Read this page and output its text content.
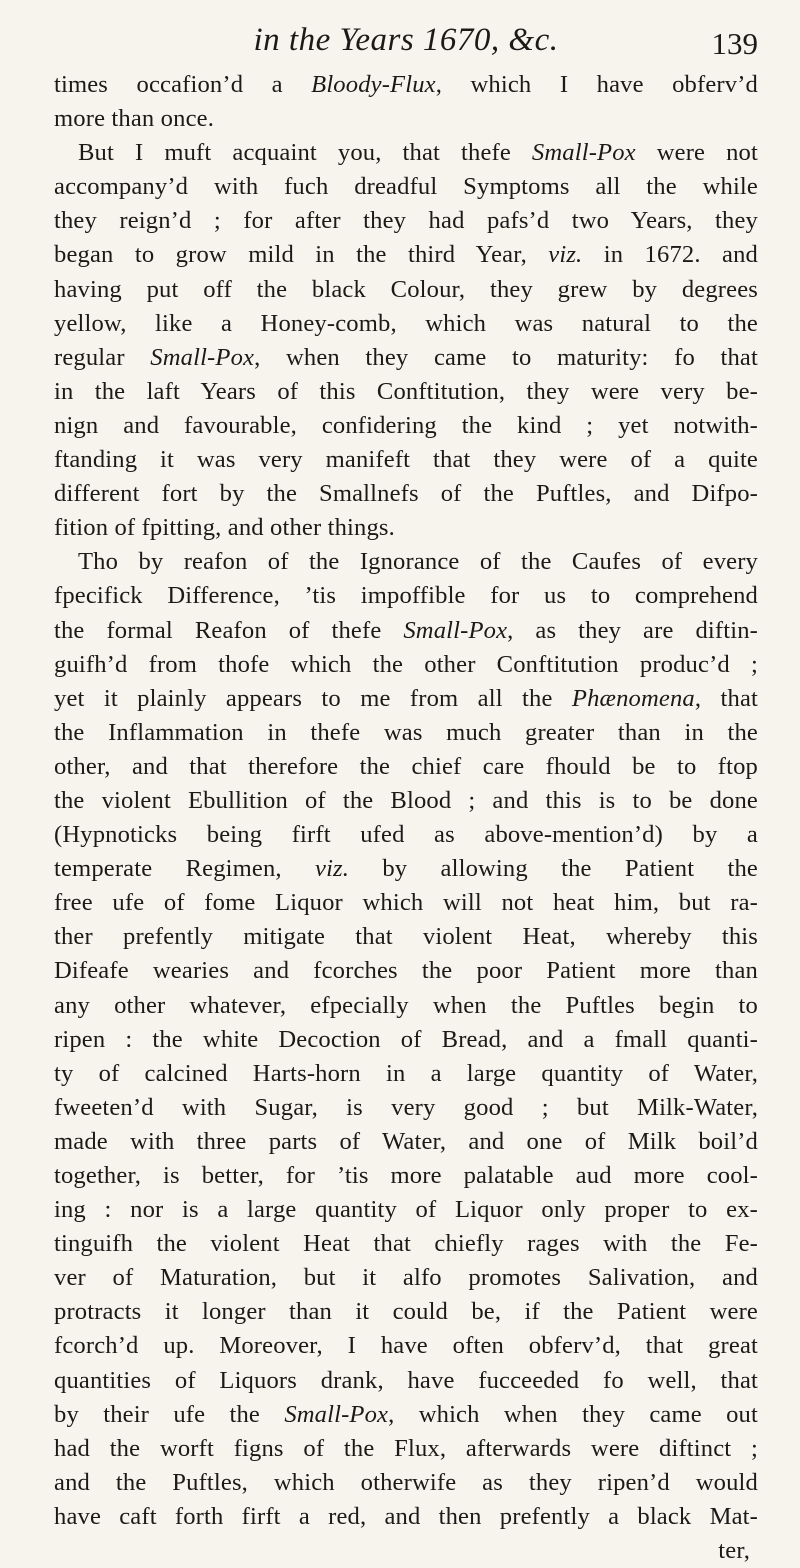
in the Years 1670, &c.	139
times occafion’d a Bloody-Flux, which I have obferv’d
more than once.
But I muft acquaint you, that thefe Small-Pox were not
accompany’d with fuch dreadful Symptoms all the while
they reign’d ; for after they had pafs’d two Years, they
began to grow mild in the third Year, viz. in 1672. and
having put off the black Colour, they grew by degrees
yellow, like a Honey-comb, which was natural to the
regular Small-Pox, when they came to maturity: fo that
in the laft Years of this Conftitution, they were very be-
nign and favourable, confidering the kind ; yet notwith-
ftanding it was very manifeft that they were of a quite
different fort by the Smallnefs of the Puftles, and Difpo-
fition of fpitting, and other things.
Tho by reafon of the Ignorance of the Caufes of every
fpecifick Difference, ’tis impoffible for us to comprehend
the formal Reafon of thefe Small-Pox, as they are diftin-
guifh’d from thofe which the other Conftitution produc’d ;
yet it plainly appears to me from all the Phænomena, that
the Inflammation in thefe was much greater than in the
other, and that therefore the chief care fhould be to ftop
the violent Ebullition of the Blood ; and this is to be done
(Hypnoticks being firft ufed as above-mention’d) by a
temperate Regimen, viz. by allowing the Patient the
free ufe of fome Liquor which will not heat him, but ra-
ther prefently mitigate that violent Heat, whereby this
Difeafe wearies and fcorches the poor Patient more than
any other whatever, efpecially when the Puftles begin to
ripen : the white Decoction of Bread, and a fmall quanti-
ty of calcined Harts-horn in a large quantity of Water,
fweeten’d with Sugar, is very good ; but Milk-Water,
made with three parts of Water, and one of Milk boil’d
together, is better, for ’tis more palatable aud more cool-
ing : nor is a large quantity of Liquor only proper to ex-
tinguifh the violent Heat that chiefly rages with the Fe-
ver of Maturation, but it alfo promotes Salivation, and
protracts it longer than it could be, if the Patient were
fcorch’d up. Moreover, I have often obferv’d, that great
quantities of Liquors drank, have fucceeded fo well, that
by their ufe the Small-Pox, which when they came out
had the worft figns of the Flux, afterwards were diftinct ;
and the Puftles, which otherwife as they ripen’d would
have caft forth firft a red, and then prefently a black Mat-
ter,
